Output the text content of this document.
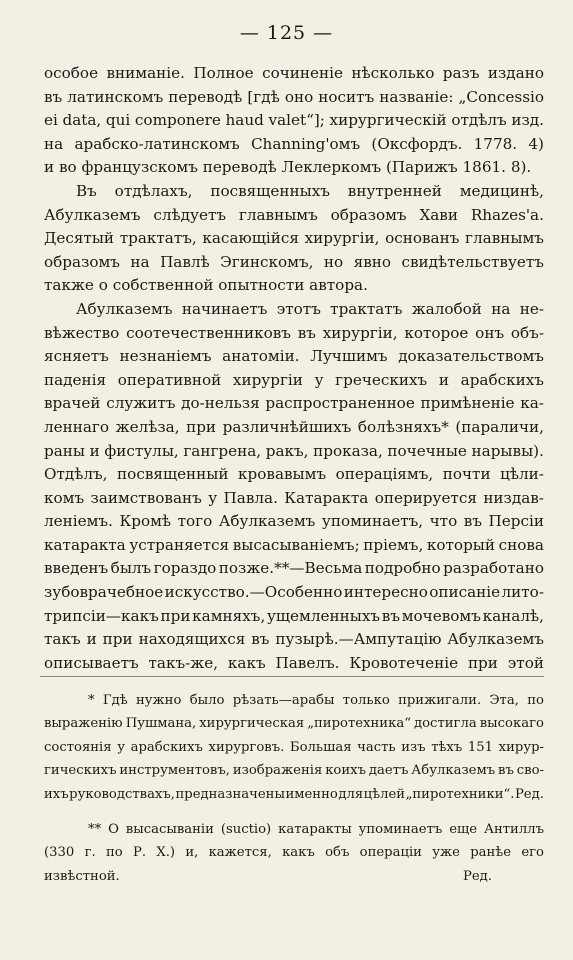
— 125 —
особое вниманіе. Полное сочиненіе нѣсколько разъ издано
въ латинскомъ переводѣ [гдѣ оно носитъ названіе: „Concessio
ei data, qui componere haud valet“]; хирургическій отдѣлъ изд.
на арабско-латинскомъ Channing'омъ (Оксфордъ. 1778. 4)
и во французскомъ переводѣ Леклеркомъ (Парижъ 1861. 8).
Въ отдѣлахъ, посвященныхъ внутренней медицинѣ,
Абулказемъ слѣдуетъ главнымъ образомъ Хави Rhazes'а.
Десятый трактатъ, касающійся хирургіи, основанъ главнымъ
образомъ на Павлѣ Эгинскомъ, но явно свидѣтельствуетъ
также о собственной опытности автора.
Абулказемъ начинаетъ этотъ трактатъ жалобой на не-
вѣжество соотечественниковъ въ хирургіи, которое онъ объ-
ясняетъ незнаніемъ анатоміи. Лучшимъ доказательствомъ
паденія оперативной хирургіи у греческихъ и арабскихъ
врачей служитъ до-нельзя распространенное примѣненіе ка-
леннаго желѣза, при различнѣйшихъ болѣзняхъ* (параличи,
раны и фистулы, гангрена, ракъ, проказа, почечные нарывы).
Отдѣлъ, посвященный кровавымъ операціямъ, почти цѣли-
комъ заимствованъ у Павла. Катаракта оперируется низдав-
леніемъ. Кромѣ того Абулказемъ упоминаетъ, что въ Персіи
катаракта устраняется высасываніемъ; пріемъ, который снова
введенъ былъ гораздо позже.**—Весьма подробно разработано
зубоврачебное искусство.—Особенно интересно описаніе лито-
трипсіи—какъ при камняхъ, ущемленныхъ въ мочевомъ каналѣ,
такъ и при находящихся въ пузырѣ.—Ампутацію Абулказемъ
описываетъ такъ-же, какъ Павелъ. Кровотеченіе при этой
* Гдѣ нужно было рѣзать—арабы только прижигали. Эта, по
выраженію Пушмана, хирургическая „пиротехника“ достигла высокаго
состоянія у арабскихъ хирурговъ. Большая часть изъ тѣхъ 151 хирур-
гическихъ инструментовъ, изображенія коихъ даетъ Абулказемъ въ сво-
ихъ руководствахъ, предназначены именно для цѣлей „пиротехники“. Ред.
** О высасываніи (suctio) катаракты упоминаетъ еще Антиллъ
(330 г. по Р. Х.) и, кажется, какъ объ операціи уже ранѣе его
извѣстной.	Ред.
